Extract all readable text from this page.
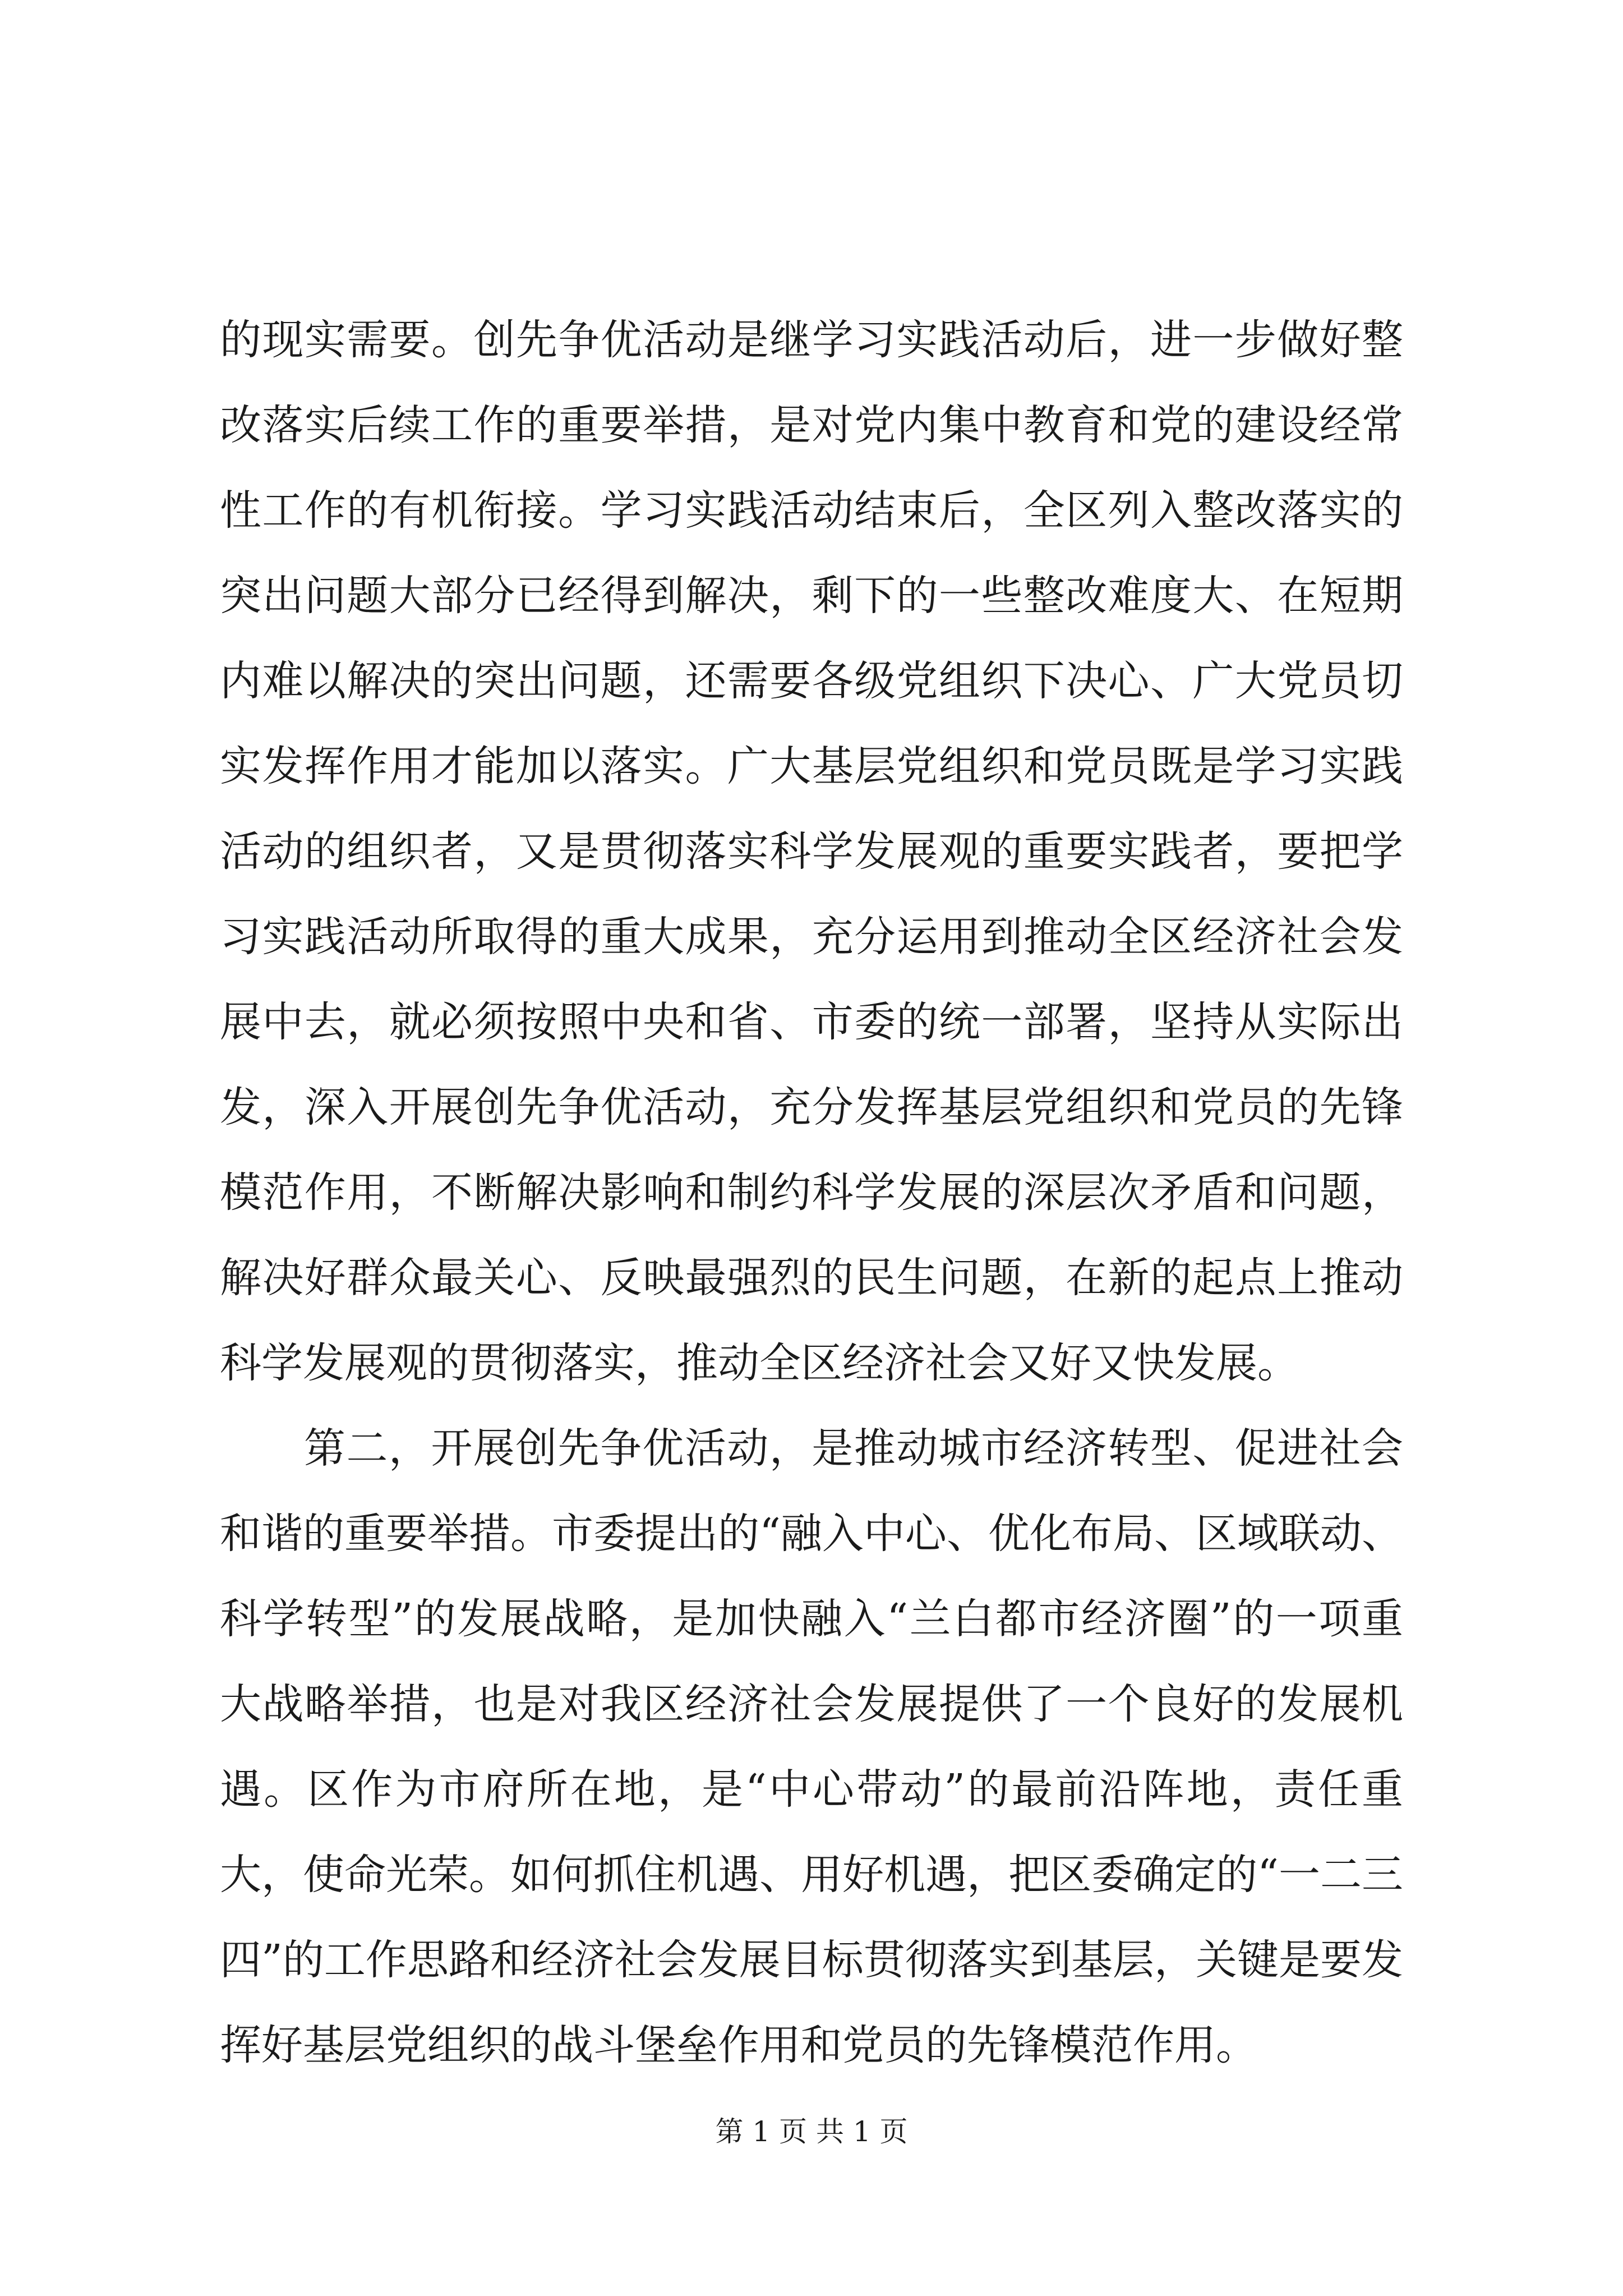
的现实需要。创先争优活动是继学习实践活动后，进一步做好整改落实后续工作的重要举措，是对党内集中教育和党的建设经常性工作的有机衔接。学习实践活动结束后，全区列入整改落实的突出问题大部分已经得到解决，剩下的一些整改难度大、在短期内难以解决的突出问题，还需要各级党组织下决心、广大党员切实发挥作用才能加以落实。广大基层党组织和党员既是学习实践活动的组织者，又是贯彻落实科学发展观的重要实践者，要把学习实践活动所取得的重大成果，充分运用到推动全区经济社会发展中去，就必须按照中央和省、市委的统一部署，坚持从实际出发，深入开展创先争优活动，充分发挥基层党组织和党员的先锋模范作用，不断解决影响和制约科学发展的深层次矛盾和问题，解决好群众最关心、反映最强烈的民生问题，在新的起点上推动科学发展观的贯彻落实，推动全区经济社会又好又快发展。

第二，开展创先争优活动，是推动城市经济转型、促进社会和谐的重要举措。市委提出的“融入中心、优化布局、区域联动、科学转型”的发展战略，是加快融入“兰白都市经济圈”的一项重大战略举措，也是对我区经济社会发展提供了一个良好的发展机遇。区作为市府所在地，是“中心带动”的最前沿阵地，责任重大，使命光荣。如何抓住机遇、用好机遇，把区委确定的“一二三四”的工作思路和经济社会发展目标贯彻落实到基层，关键是要发挥好基层党组织的战斗堡垒作用和党员的先锋模范作用。

第 1 页 共 1 页
